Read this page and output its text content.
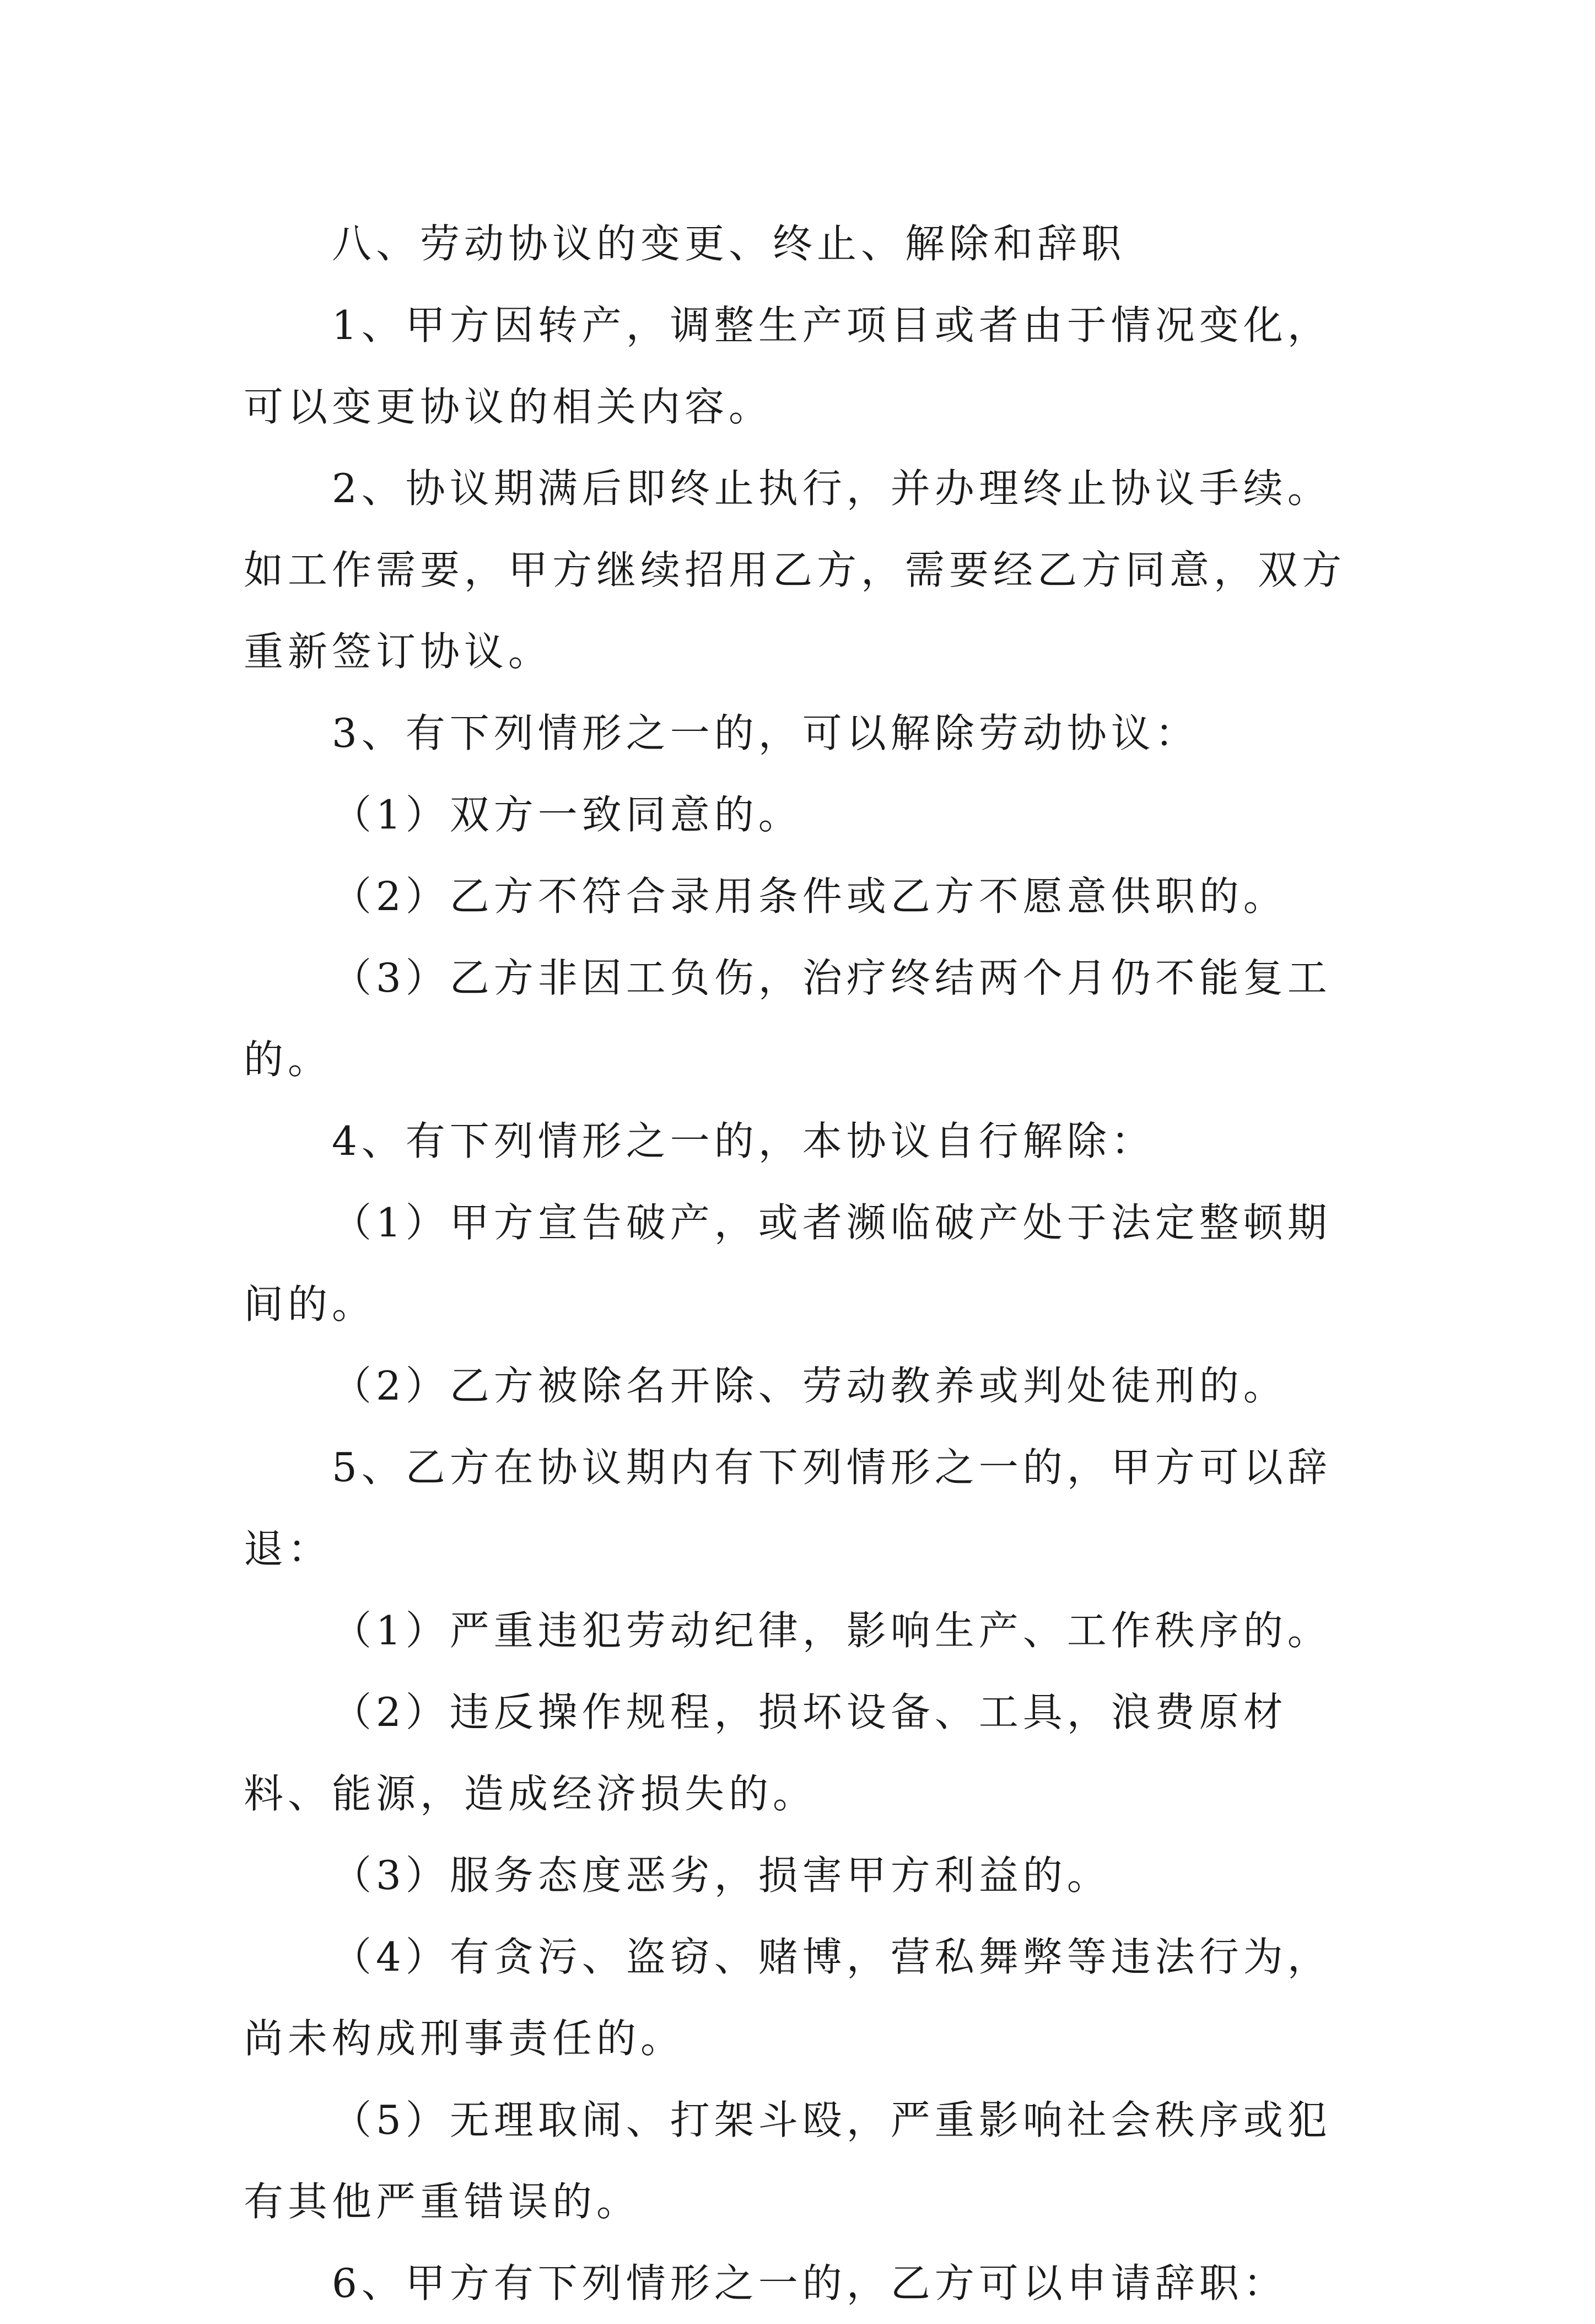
八、劳动协议的变更、终止、解除和辞职

1、甲方因转产，调整生产项目或者由于情况变化，可以变更协议的相关内容。

2、协议期满后即终止执行，并办理终止协议手续。如工作需要，甲方继续招用乙方，需要经乙方同意，双方重新签订协议。

3、有下列情形之一的，可以解除劳动协议：

（1）双方一致同意的。

（2）乙方不符合录用条件或乙方不愿意供职的。

（3）乙方非因工负伤，治疗终结两个月仍不能复工的。

4、有下列情形之一的，本协议自行解除：

（1）甲方宣告破产，或者濒临破产处于法定整顿期间的。

（2）乙方被除名开除、劳动教养或判处徒刑的。

5、乙方在协议期内有下列情形之一的，甲方可以辞退：

（1）严重违犯劳动纪律，影响生产、工作秩序的。

（2）违反操作规程，损坏设备、工具，浪费原材料、能源，造成经济损失的。

（3）服务态度恶劣，损害甲方利益的。

（4）有贪污、盗窃、赌博，营私舞弊等违法行为，尚未构成刑事责任的。

（5）无理取闹、打架斗殴，严重影响社会秩序或犯有其他严重错误的。

6、甲方有下列情形之一的，乙方可以申请辞职：
